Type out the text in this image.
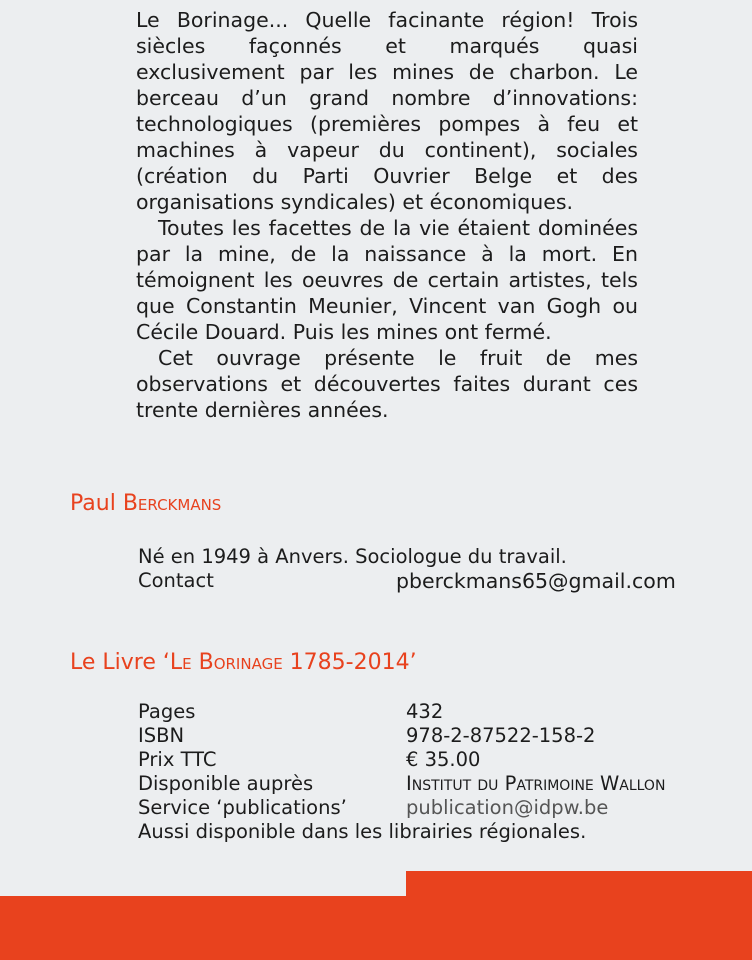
Le Borinage... Quelle facinante région! Trois siècles façonnés et marqués quasi exclusivement par les mines de charbon. Le berceau d’un grand nombre d’innovations: technologiques (premières pompes à feu et machines à vapeur du continent), sociales (création du Parti Ouvrier Belge et des organisations syndicales) et économiques.

Toutes les facettes de la vie étaient dominées par la mine, de la naissance à la mort. En témoignent les oeuvres de certain artistes, tels que Constantin Meunier, Vincent van Gogh ou Cécile Douard. Puis les mines ont fermé.

Cet ouvrage présente le fruit de mes observations et découvertes faites durant ces trente dernières années.

Paul Berckmans
Né en 1949 à Anvers. Sociologue du travail.
Contact	pberckmans65@gmail.com
Le Livre ‘Le Borinage 1785-2014’
Pages	432
ISBN	978-2-87522-158-2
Prix TTC	€ 35.00
Disponible auprès	Institut du Patrimoine Wallon
Service ‘publications’	publication@idpw.be
Aussi disponible dans les librairies régionales.
